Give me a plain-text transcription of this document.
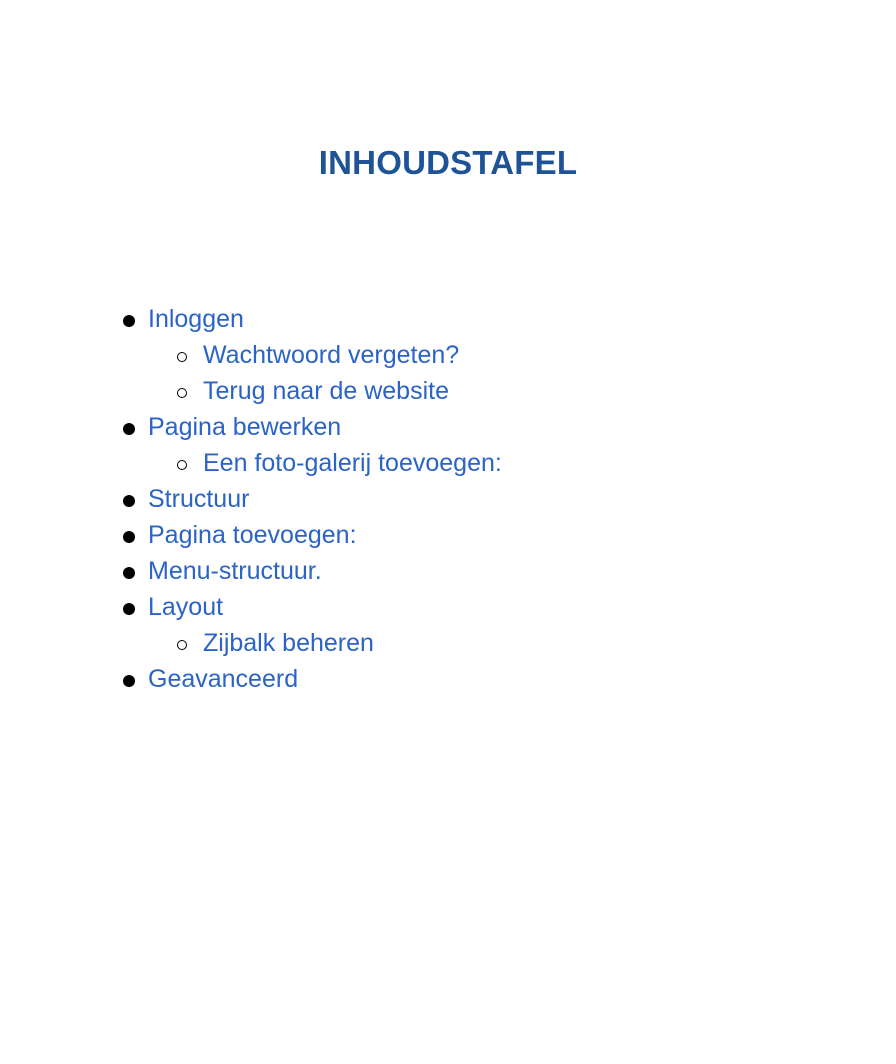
INHOUDSTAFEL
Inloggen
Wachtwoord vergeten?
Terug naar de website
Pagina bewerken
Een foto-galerij toevoegen:
Structuur
Pagina toevoegen:
Menu-structuur.
Layout
Zijbalk beheren
Geavanceerd
